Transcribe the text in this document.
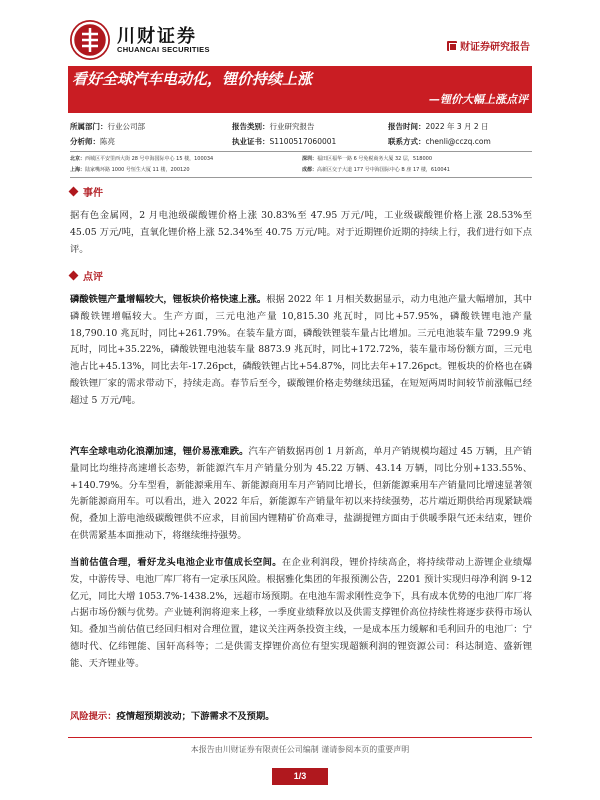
川财证券
CHUANCAI SECURITIES	财证券研究报告
看好全球汽车电动化，锂价持续上涨
—锂价大幅上涨点评
所属部门：行业公司部	报告类别：行业研究报告	报告时间：2022 年 3 月 2 日
分析师：陈亮	执业证书：S1100517060001	联系方式：chenli@cczq.com
北京：西城区平安里西大街 28 号中海国际中心 15 楼，100034	深圳：福田区福华一路 6 号免税商务大厦 32 层，518000
上海：陆家嘴环路 1000 号恒生大厦 11 楼，200120	成都：高新区交子大道 177 号中海国际中心 B 座 17 楼，610041
事件
据有色金属网，2 月电池级碳酸锂价格上涨 30.83%至 47.95 万元/吨，工业级碳酸锂价格上涨 28.53%至 45.05 万元/吨，直氧化锂价格上涨 52.34%至 40.75 万元/吨。对于近期锂价近期的持续上行，我们进行如下点评。
点评
磷酸铁锂产量增幅较大，锂板块价格快速上涨。根据 2022 年 1 月相关数据显示，动力电池产量大幅增加，其中磷酸铁锂增幅较大。生产方面，三元电池产量 10,815.30 兆瓦时，同比+57.95%，磷酸铁锂电池产量 18,790.10 兆瓦时，同比+261.79%。在装车量方面，磷酸铁锂装车量占比增加。三元电池装车量 7299.9 兆瓦时，同比+35.22%，磷酸铁锂电池装车量 8873.9 兆瓦时，同比+172.72%，装车量市场份额方面，三元电池占比+45.13%，同比去年-17.26pct，磷酸铁锂占比+54.87%，同比去年+17.26pct。锂板块的价格也在磷酸铁锂厂家的需求带动下，持续走高。春节后至今，碳酸锂价格走势继续迅猛，在短短两周时间较节前涨幅已经超过 5 万元/吨。
汽车全球电动化浪潮加速，锂价易涨难跌。汽车产销数据再创 1 月新高，单月产销规模均超过 45 万辆，且产销量同比均维持高速增长态势，新能源汽车月产销量分别为 45.22 万辆、43.14 万辆，同比分别+133.55%、+140.79%。分车型看，新能源乘用车、新能源商用车月产销同比增长，但新能源乘用车产销量同比增速显著领先新能源商用车。可以看出，进入 2022 年后，新能源车产销量年初以来持续强势，芯片端近期供给再现紧缺端倪，叠加上游电池级碳酸锂供不应求，目前国内锂精矿价高难寻，盐湖提锂方面由于供暖季限气还未结束，锂价在供需紧基本面推动下，将继续维持强势。
当前估值合理，看好龙头电池企业市值成长空间。在企业利润段，锂价持续高企，将持续带动上游锂企业绩爆发，中游传导、电池厂库厂将有一定承压风险。根据雅化集团的年报预测公告，2201 预计实现归母净利润 9-12 亿元，同比大增 1053.7%-1438.2%，远超市场预期。在电池车需求刚性竞争下，具有成本优势的电池厂库厂将占据市场份额与优势。产业链利润将迎来上移，一季度业绩释放以及供需支撑锂价高位持续性将逐步获得市场认知。叠加当前估值已经回归相对合理位置，建议关注两条投资主线，一是成本压力缓解和毛利回升的电池厂：宁德时代、亿纬锂能、国轩高科等；二是供需支撑锂价高位有望实现超额利润的锂资源公司：科达制造、盛新锂能、天齐锂业等。
风险提示：疫情超预期波动；下游需求不及预期。
本报告由川财证券有限责任公司编制 谨请参阅本页的重要声明
1/3
